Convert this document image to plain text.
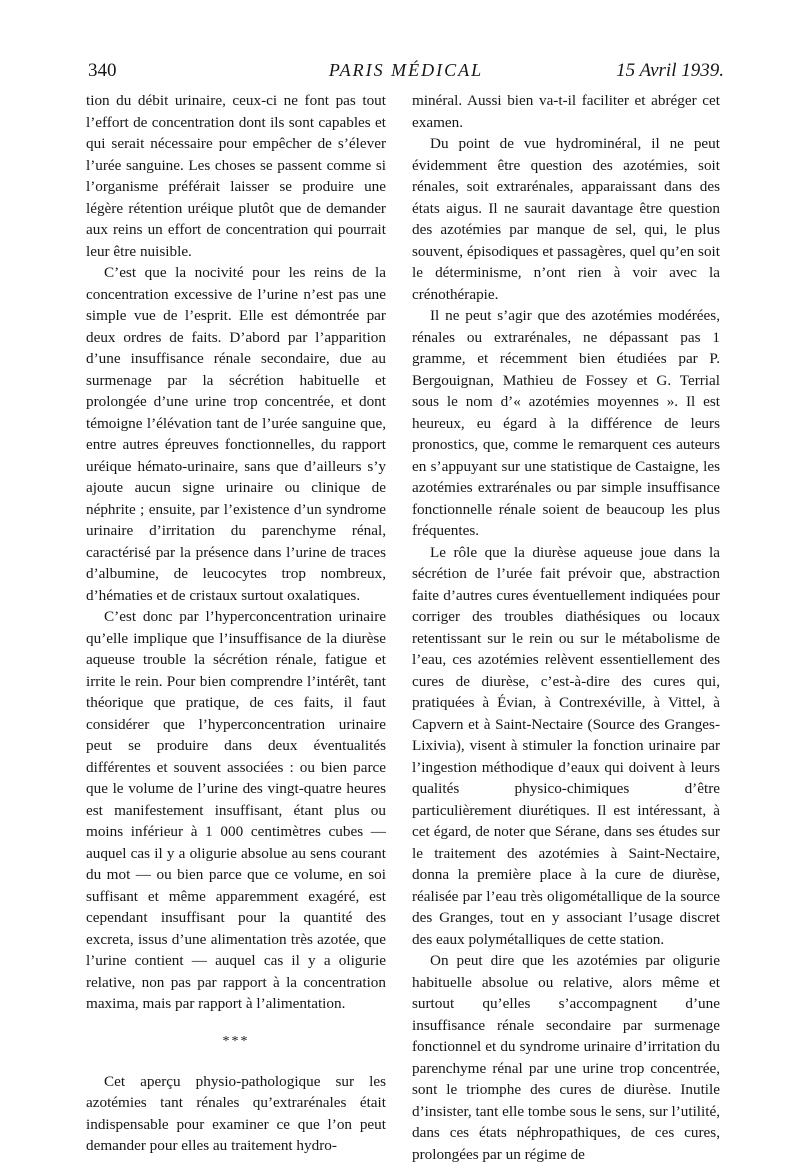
340	PARIS MÉDICAL	15 Avril 1939.

tion du débit urinaire, ceux-ci ne font pas tout l’effort de concentration dont ils sont capables et qui serait nécessaire pour empêcher de s’élever l’urée sanguine. Les choses se passent comme si l’organisme préférait laisser se produire une légère rétention uréique plutôt que de demander aux reins un effort de concentration qui pourrait leur être nuisible.

C’est que la nocivité pour les reins de la concentration excessive de l’urine n’est pas une simple vue de l’esprit. Elle est démontrée par deux ordres de faits. D’abord par l’apparition d’une insuffisance rénale secondaire, due au surmenage par la sécrétion habituelle et prolongée d’une urine trop concentrée, et dont témoigne l’élévation tant de l’urée sanguine que, entre autres épreuves fonctionnelles, du rapport uréique hémato-urinaire, sans que d’ailleurs s’y ajoute aucun signe urinaire ou clinique de néphrite ; ensuite, par l’existence d’un syndrome urinaire d’irritation du parenchyme rénal, caractérisé par la présence dans l’urine de traces d’albumine, de leucocytes trop nombreux, d’hématies et de cristaux surtout oxalatiques.

C’est donc par l’hyperconcentration urinaire qu’elle implique que l’insuffisance de la diurèse aqueuse trouble la sécrétion rénale, fatigue et irrite le rein. Pour bien comprendre l’intérêt, tant théorique que pratique, de ces faits, il faut considérer que l’hyperconcentration urinaire peut se produire dans deux éventualités différentes et souvent associées : ou bien parce que le volume de l’urine des vingt-quatre heures est manifestement insuffisant, étant plus ou moins inférieur à 1 000 centimètres cubes — auquel cas il y a oligurie absolue au sens courant du mot — ou bien parce que ce volume, en soi suffisant et même apparemment exagéré, est cependant insuffisant pour la quantité des excreta, issus d’une alimentation très azotée, que l’urine contient — auquel cas il y a oligurie relative, non pas par rapport à la concentration maxima, mais par rapport à l’alimentation.

***

Cet aperçu physio-pathologique sur les azotémies tant rénales qu’extrarénales était indispensable pour examiner ce que l’on peut demander pour elles au traitement hydro-

minéral. Aussi bien va-t-il faciliter et abréger cet examen.

Du point de vue hydrominéral, il ne peut évidemment être question des azotémies, soit rénales, soit extrarénales, apparaissant dans des états aigus. Il ne saurait davantage être question des azotémies par manque de sel, qui, le plus souvent, épisodiques et passagères, quel qu’en soit le déterminisme, n’ont rien à voir avec la crénothérapie.

Il ne peut s’agir que des azotémies modérées, rénales ou extrarénales, ne dépassant pas 1 gramme, et récemment bien étudiées par P. Bergouignan, Mathieu de Fossey et G. Terrial sous le nom d’« azotémies moyennes ». Il est heureux, eu égard à la différence de leurs pronostics, que, comme le remarquent ces auteurs en s’appuyant sur une statistique de Castaigne, les azotémies extrarénales ou par simple insuffisance fonctionnelle rénale soient de beaucoup les plus fréquentes.

Le rôle que la diurèse aqueuse joue dans la sécrétion de l’urée fait prévoir que, abstraction faite d’autres cures éventuellement indiquées pour corriger des troubles diathésiques ou locaux retentissant sur le rein ou sur le métabolisme de l’eau, ces azotémies relèvent essentiellement des cures de diurèse, c’est-à-dire des cures qui, pratiquées à Évian, à Contrexéville, à Vittel, à Capvern et à Saint-Nectaire (Source des Granges-Lixivia), visent à stimuler la fonction urinaire par l’ingestion méthodique d’eaux qui doivent à leurs qualités physico-chimiques d’être particulièrement diurétiques. Il est intéressant, à cet égard, de noter que Sérane, dans ses études sur le traitement des azotémies à Saint-Nectaire, donna la première place à la cure de diurèse, réalisée par l’eau très oligométallique de la source des Granges, tout en y associant l’usage discret des eaux polymétalliques de cette station.

On peut dire que les azotémies par oligurie habituelle absolue ou relative, alors même et surtout qu’elles s’accompagnent d’une insuffisance rénale secondaire par surmenage fonctionnel et du syndrome urinaire d’irritation du parenchyme rénal par une urine trop concentrée, sont le triomphe des cures de diurèse. Inutile d’insister, tant elle tombe sous le sens, sur l’utilité, dans ces états néphropathiques, de ces cures, prolongées par un régime de
